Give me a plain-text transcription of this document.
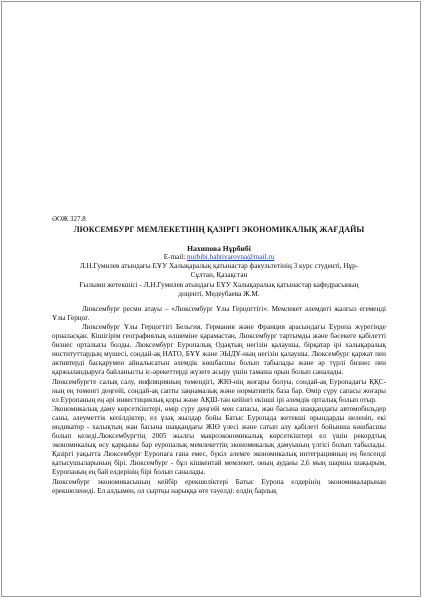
ӘОЖ 327.8
ЛЮКСЕМБУРГ МЕМЛЕКЕТІНІҢ ҚАЗІРГІ ЭКОНОМИКАЛЫҚ ЖАҒДАЙЫ
Нахипова Нұрбибі
E-mail: nurbibi.bahtiyarovna@mail.ru
Л.Н.Гумилев атындағы ЕҰУ Халықаралық қатынастар факультетінің 3 курс студенті, Нұр-
Сұлтан, Қазақстан
Ғылыми жетекшісі - Л.Н.Гумилев атындағы ЕҰУ Халықаралық қатынастар кафедрасының
доценті, Медеубаева Ж.М.

Люксембург ресми атауы – «Люксембург Ұлы Герцогтігі». Мемлекет әлемдегі жалғыз егемендi Ұлы Герцог.

Люксембург Ұлы Герцогтігі Бельгия, Германия және Франция арасындағы Еуропа жүрегінде орналасқан. Кішігірім географиялық өлшеміне қарамастан, Люксембург тартымды және бәсекеге қабілетті бизнес орталығы болды. Люксембург Еуропалық Одақтың негізін қалаушы, бірқатар ірі халықаралық институттардың мүшесі, сондай-ақ НАТО, БҰҰ және ЭЫДҰ-ның негізін қалаушы. Люксембург қаржат пен активтерді басқарумен айналысатын әлемдік көшбасшы болып табылады және әр түрлі бизнес пен қаржыландыруға байланысты іс-әрекеттерді жүзеге асыру үшін тамаша орын болып саналады.

Люксембургте салық салу, инфляцияның төмендігі, ЖІӨ-нің жоғары болуы, сондай-ақ Еуропадағы ҚҚС-ның ең төменгі деңгейі, сондай-ақ сапты заңнамалық және нормативтік база бар. Өмір сүру сапасы жоғары ел Еуропаның ең әрі инвестициялық қоры және АҚШ-тан кейінгі екінші ірі әлемдік орталық болып отыр.

Экономикалық даму көрсеткіштері, өмір сүру деңгейі мен сапасы, жан басына шаққандағы автомобильдер саны, әлеуметтік кепілдіктер, ел ұзақ жылдар бойы Батыс Еуропада жетекші орындарды иеленіп, екі индикатор - халықтың жан басына шаққандағы ЖІӨ үлесі және сатып алу қабілеті бойынша көшбасшы болып келеді.Люксембургтің 2005 жылғы макроэкономикалық көрсеткіштері ел үшін рекордтық экономикалық өсу қарқыны бар еуропалық мемлекеттің экономикалық дамуының үлгісі болып табылады. Қазіргі уақытта Люксембург Еуропаға ғана емес, бүкіл әлемге экономикалық интеграцияның ең белсенді қатысушыларының бірі. Люксембург - бұл кішкентай мемлекет, оның ауданы 2,6 мың шаршы шақырым, Еуропаның ең бай елдерінің бірі болып саналады.

Люксембург экономикасының кейбір ерекшеліктері Батыс Еуропа елдерінің экономикаларынан ерекшеленеді. Ел алдымен, ол сыртқы нарыққа өте тәуелді: елдің барлық
